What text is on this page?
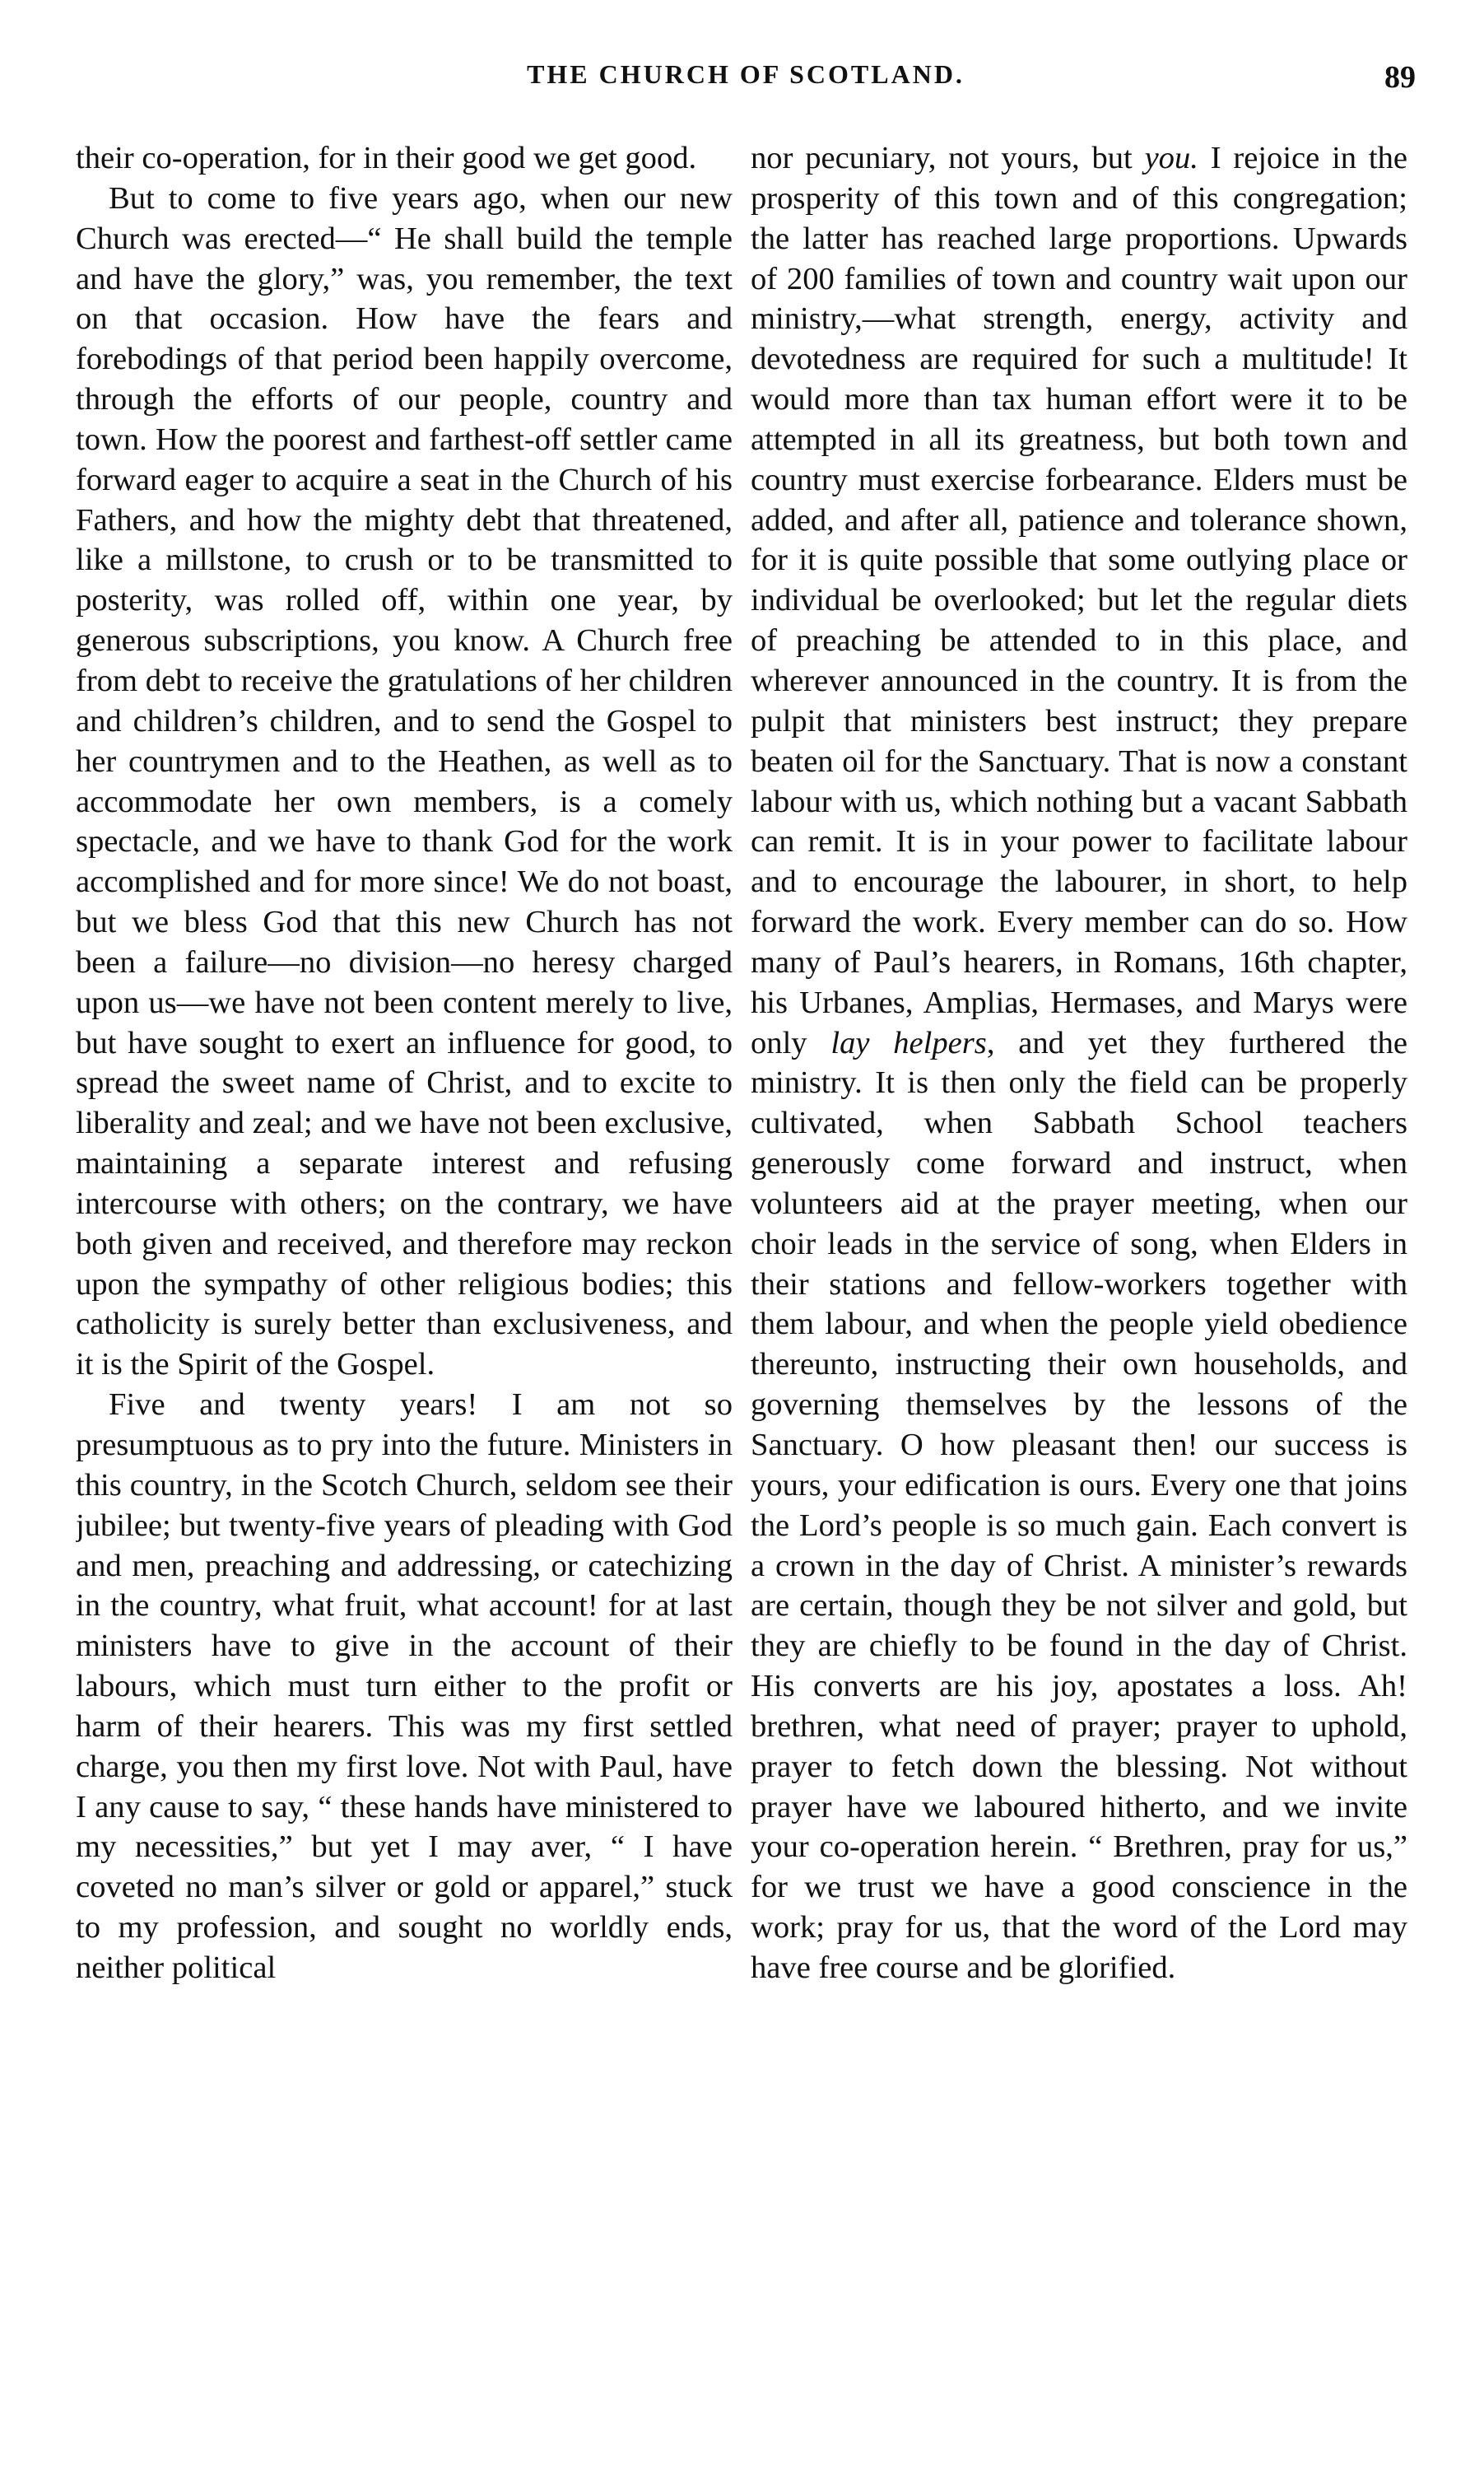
THE CHURCH OF SCOTLAND.	89

their co-operation, for in their good we get good.

But to come to five years ago, when our new Church was erected—“ He shall build the temple and have the glory,” was, you remember, the text on that occasion. How have the fears and forebodings of that period been happily overcome, through the efforts of our people, country and town. How the poorest and farthest-off settler came forward eager to acquire a seat in the Church of his Fathers, and how the mighty debt that threatened, like a millstone, to crush or to be transmitted to posterity, was rolled off, within one year, by generous subscriptions, you know. A Church free from debt to receive the gratulations of her children and children’s children, and to send the Gospel to her countrymen and to the Heathen, as well as to accommodate her own members, is a comely spectacle, and we have to thank God for the work accomplished and for more since! We do not boast, but we bless God that this new Church has not been a failure—no division—no heresy charged upon us—we have not been content merely to live, but have sought to exert an influence for good, to spread the sweet name of Christ, and to excite to liberality and zeal; and we have not been exclusive, maintaining a separate interest and refusing intercourse with others; on the contrary, we have both given and received, and therefore may reckon upon the sympathy of other religious bodies; this catholicity is surely better than exclusiveness, and it is the Spirit of the Gospel.

Five and twenty years! I am not so presumptuous as to pry into the future. Ministers in this country, in the Scotch Church, seldom see their jubilee; but twenty-five years of pleading with God and men, preaching and addressing, or catechizing in the country, what fruit, what account! for at last ministers have to give in the account of their labours, which must turn either to the profit or harm of their hearers. This was my first settled charge, you then my first love. Not with Paul, have I any cause to say, “ these hands have ministered to my necessities,” but yet I may aver, “ I have coveted no man’s silver or gold or apparel,” stuck to my profession, and sought no worldly ends, neither political

nor pecuniary, not yours, but you. I rejoice in the prosperity of this town and of this congregation; the latter has reached large proportions. Upwards of 200 families of town and country wait upon our ministry,—what strength, energy, activity and devotedness are required for such a multitude! It would more than tax human effort were it to be attempted in all its greatness, but both town and country must exercise forbearance. Elders must be added, and after all, patience and tolerance shown, for it is quite possible that some outlying place or individual be overlooked; but let the regular diets of preaching be attended to in this place, and wherever announced in the country. It is from the pulpit that ministers best instruct; they prepare beaten oil for the Sanctuary. That is now a constant labour with us, which nothing but a vacant Sabbath can remit. It is in your power to facilitate labour and to encourage the labourer, in short, to help forward the work. Every member can do so. How many of Paul’s hearers, in Romans, 16th chapter, his Urbanes, Amplias, Hermases, and Marys were only lay helpers, and yet they furthered the ministry. It is then only the field can be properly cultivated, when Sabbath School teachers generously come forward and instruct, when volunteers aid at the prayer meeting, when our choir leads in the service of song, when Elders in their stations and fellow-workers together with them labour, and when the people yield obedience thereunto, instructing their own households, and governing themselves by the lessons of the Sanctuary. O how pleasant then! our success is yours, your edification is ours. Every one that joins the Lord’s people is so much gain. Each convert is a crown in the day of Christ. A minister’s rewards are certain, though they be not silver and gold, but they are chiefly to be found in the day of Christ. His converts are his joy, apostates a loss. Ah! brethren, what need of prayer; prayer to uphold, prayer to fetch down the blessing. Not without prayer have we laboured hitherto, and we invite your co-operation herein. “ Brethren, pray for us,” for we trust we have a good conscience in the work; pray for us, that the word of the Lord may have free course and be glorified.
